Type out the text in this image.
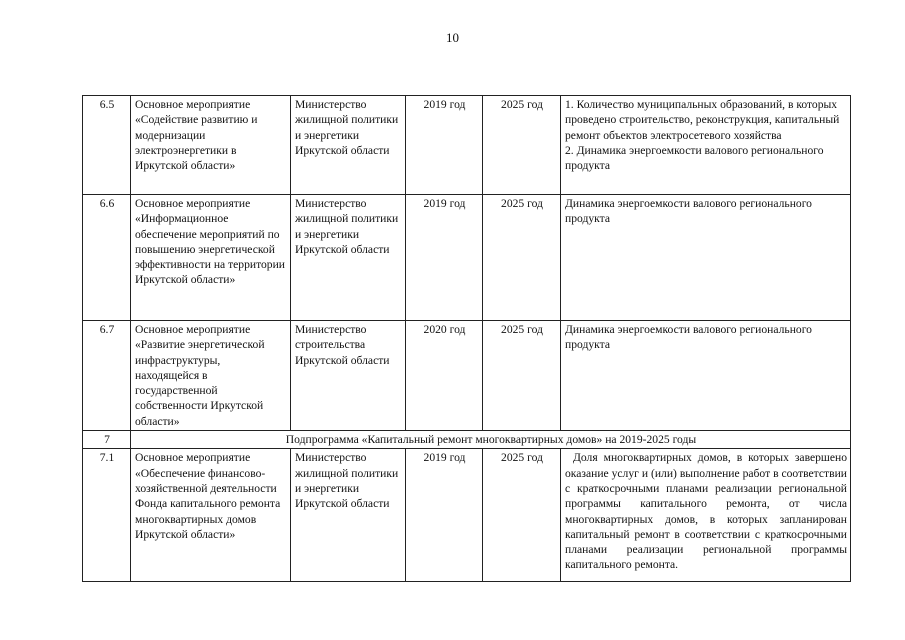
10
6.5	Основное мероприятие «Содействие развитию и модернизации электроэнергетики в Иркутской области»	Министерство жилищной политики и энергетики Иркутской области	2019 год	2025 год	1. Количество муниципальных образований, в которых проведено строительство, реконструкция, капитальный ремонт объектов электросетевого хозяйства
2. Динамика энергоемкости валового регионального продукта

6.6	Основное мероприятие «Информационное обеспечение мероприятий по повышению энергетической эффективности на территории Иркутской области»	Министерство жилищной политики и энергетики Иркутской области	2019 год	2025 год	Динамика энергоемкости валового регионального продукта
6.7	Основное мероприятие «Развитие энергетической инфраструктуры, находящейся в государственной собственности Иркутской области»	Министерство строительства Иркутской области	2020 год	2025 год	Динамика энергоемкости валового регионального продукта
7	Подпрограмма «Капитальный ремонт многоквартирных домов» на 2019-2025 годы				
7.1	Основное мероприятие «Обеспечение финансово-хозяйственной деятельности Фонда капитального ремонта многоквартирных домов Иркутской области»	Министерство жилищной политики и энергетики Иркутской области	2019 год	2025 год	Доля многоквартирных домов, в которых завершено оказание услуг и (или) выполнение работ в соответствии с краткосрочными планами реализации региональной программы капитального ремонта, от числа многоквартирных домов, в которых запланирован капитальный ремонт в соответствии с краткосрочными планами реализации региональной программы капитального ремонта.
